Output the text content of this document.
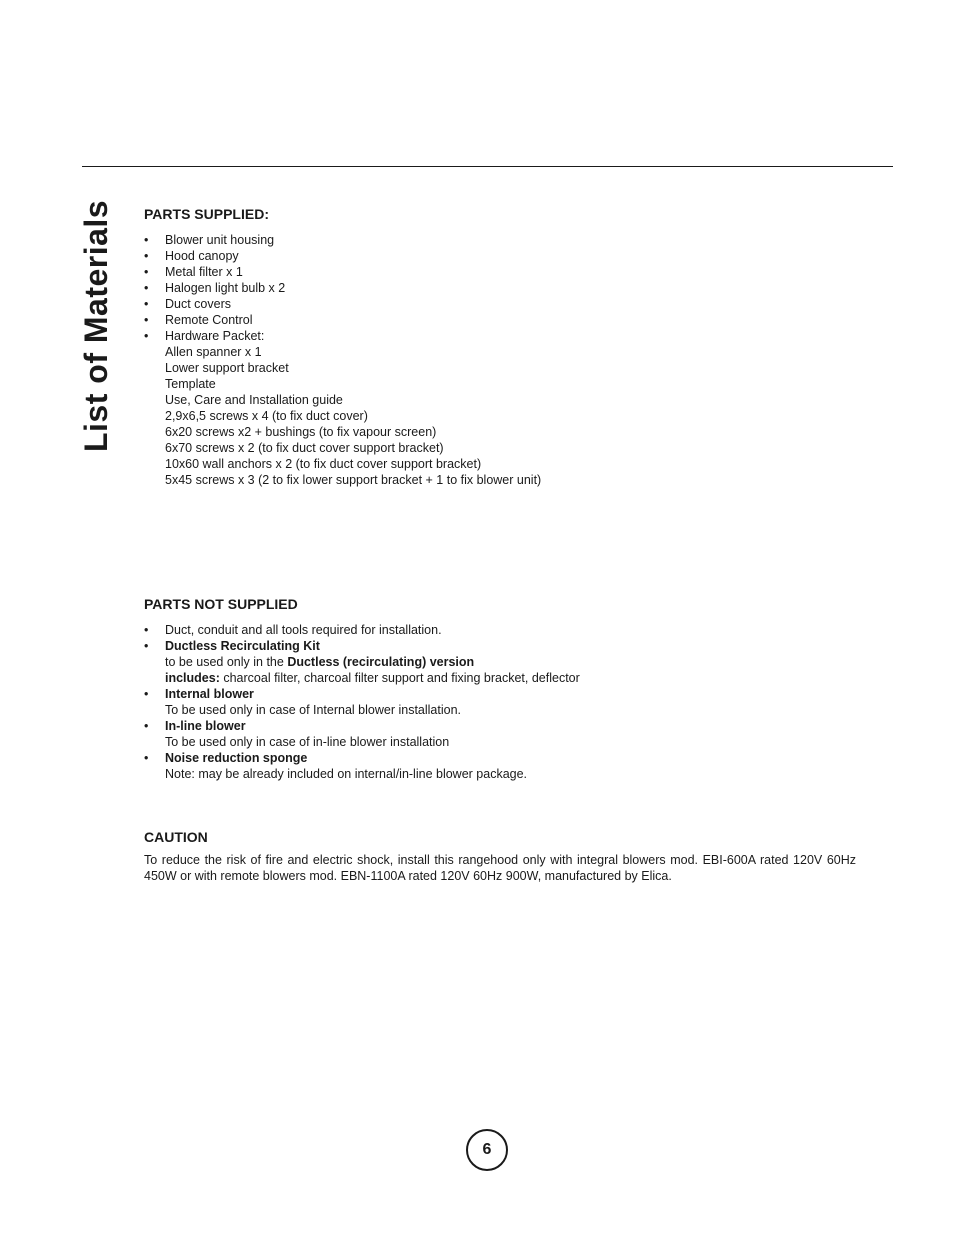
List of Materials PARTS SUPPLIED:
• Blower unit housing
• Hood canopy
• Metal filter x 1
• Halogen light bulb x 2
• Duct covers
• Remote Control
• Hardware Packet:
Allen spanner x 1
Lower support bracket
Template
Use, Care and Installation guide
2,9x6,5 screws x 4 (to fix duct cover)
6x20 screws x2 + bushings (to fix vapour screen)
6x70 screws x 2 (to fix duct cover support bracket)
10x60 wall anchors x 2 (to fix duct cover support bracket)
5x45 screws x 3 (2 to fix lower support bracket + 1 to fix blower unit)
PARTS NOT SUPPLIED
• Duct, conduit and all tools required for installation.
• Ductless Recirculating Kit
to be used only in the Ductless (recirculating) version
includes: charcoal filter, charcoal filter support and fixing bracket, deflector
• Internal blower
To be used only in case of Internal blower installation.
• In-line blower
To be used only in case of in-line blower installation
• Noise reduction sponge
Note: may be already included on internal/in-line blower package.
CAUTION

To reduce the risk of fire and electric shock, install this rangehood only with integral blowers mod. EBI-600A rated 120V 60Hz 450W or with remote blowers mod. EBN-1100A rated 120V 60Hz 900W, manufactured by Elica.

6
